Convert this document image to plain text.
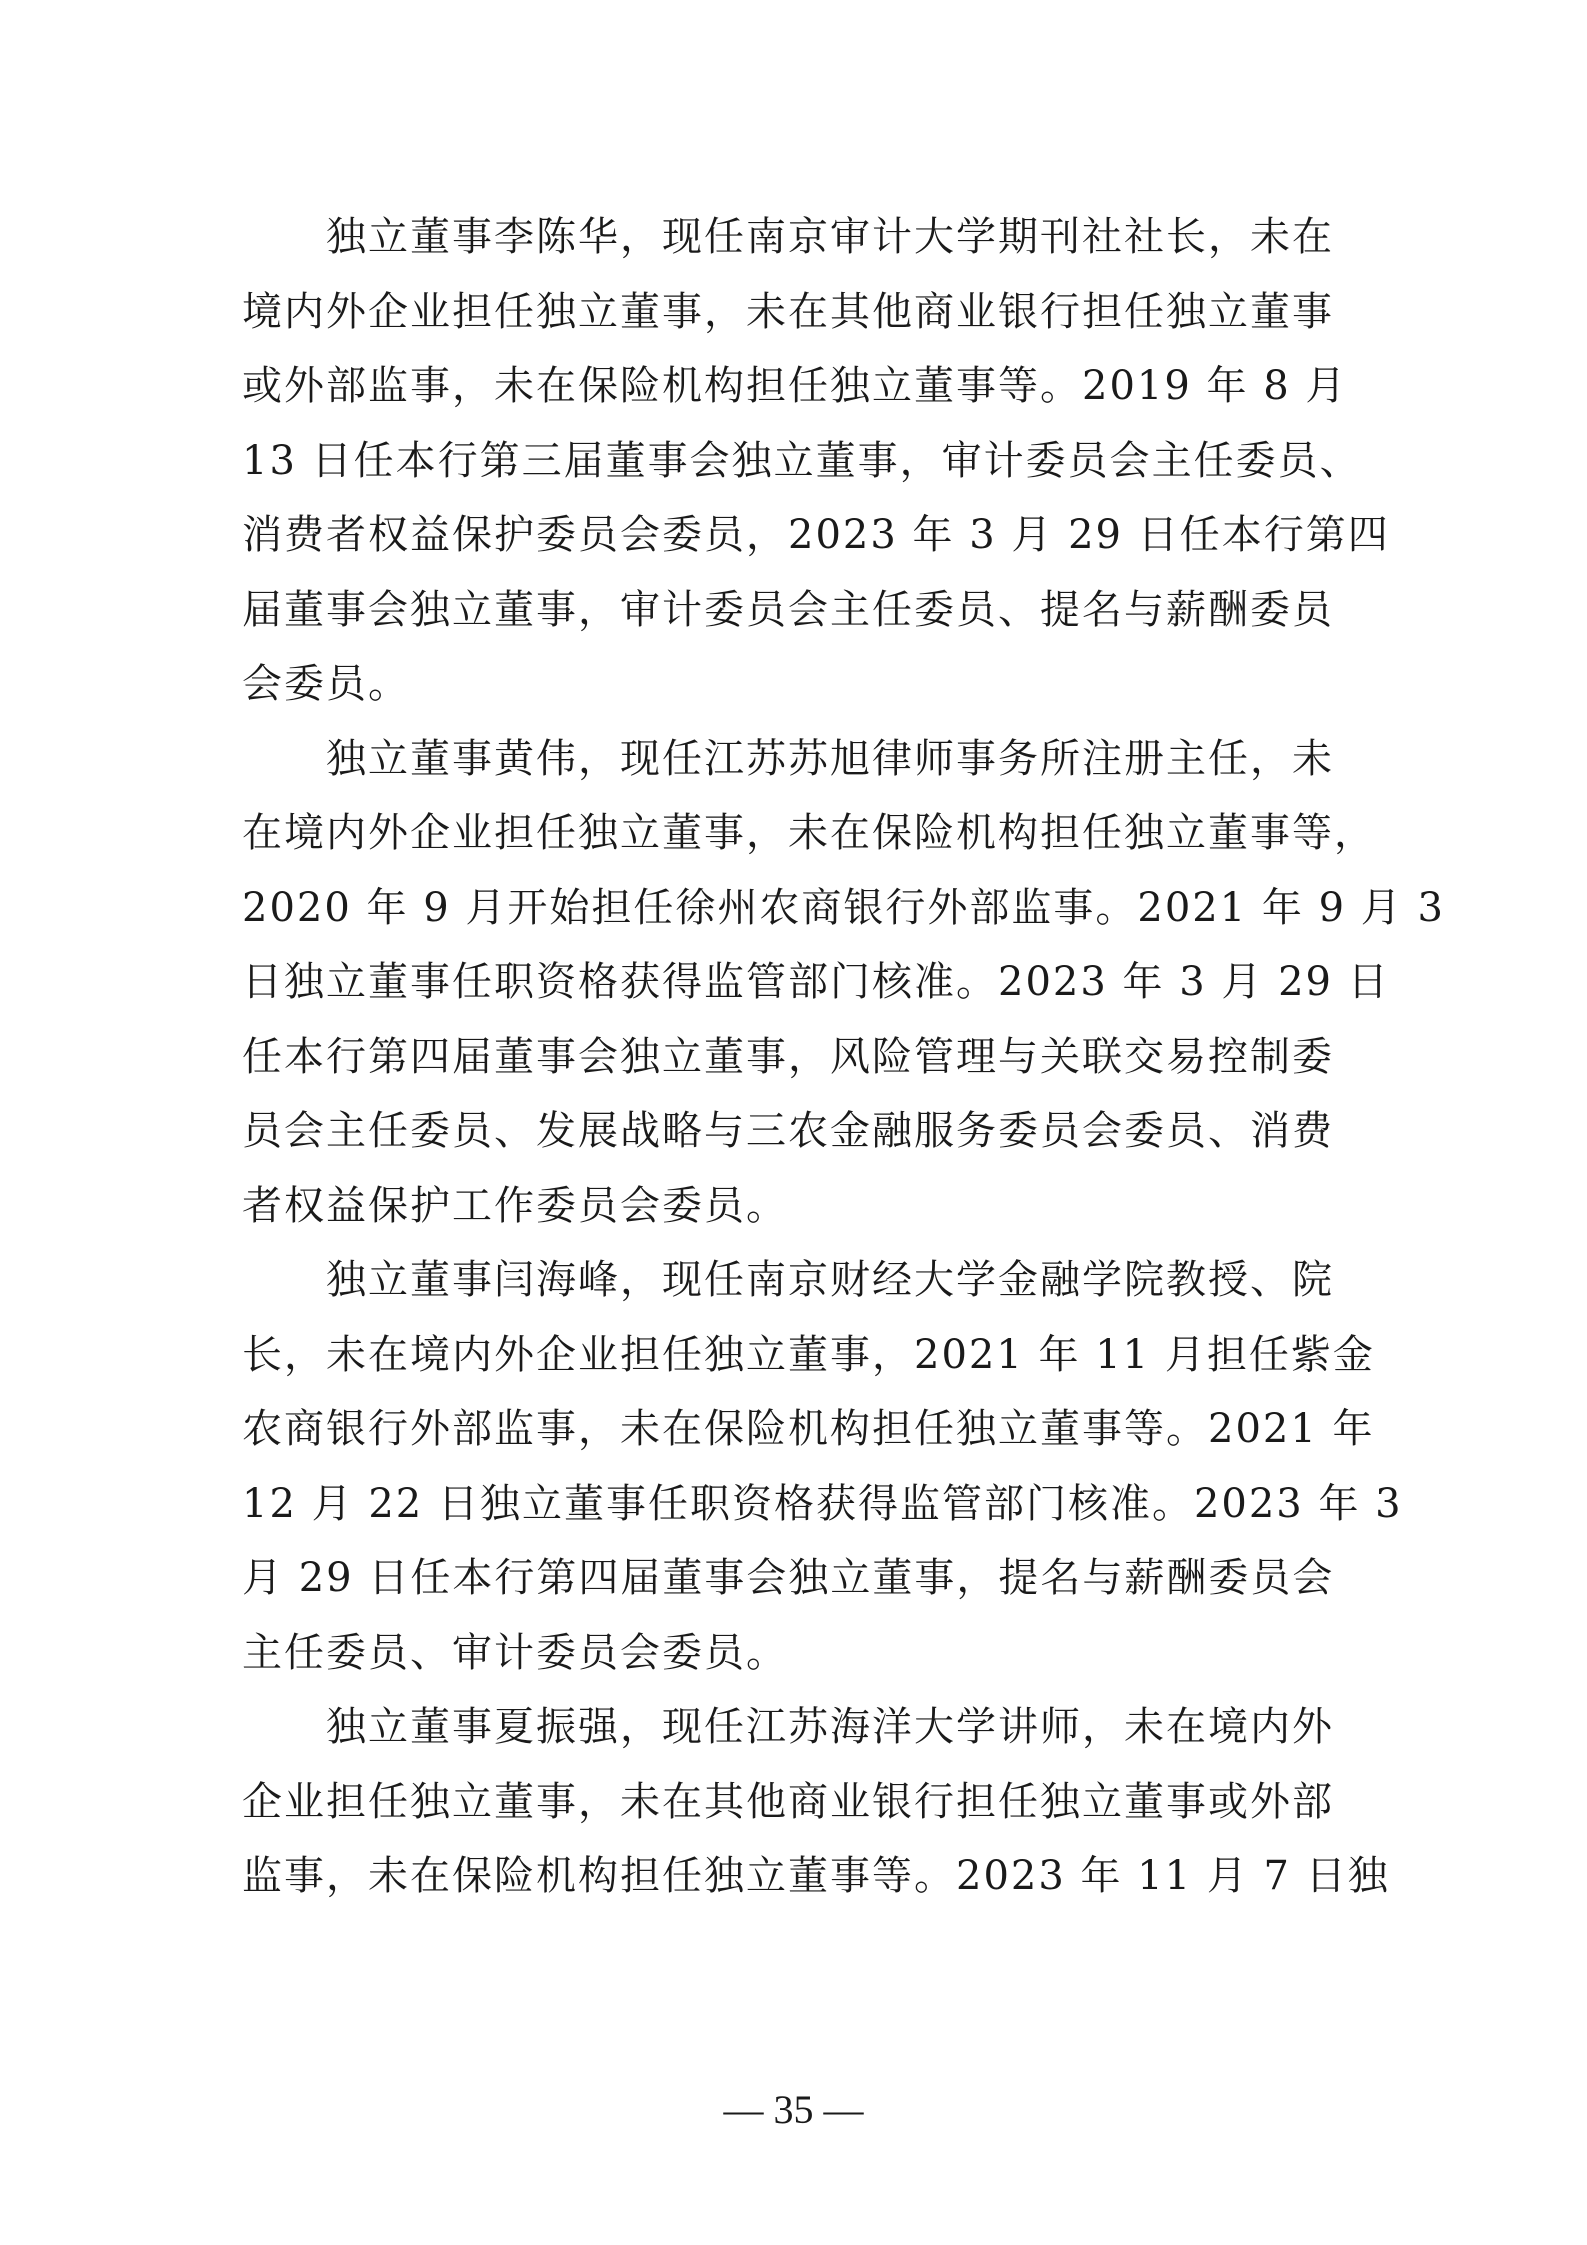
独立董事李陈华，现任南京审计大学期刊社社长，未在
境内外企业担任独立董事，未在其他商业银行担任独立董事
或外部监事，未在保险机构担任独立董事等。2019 年 8 月
13 日任本行第三届董事会独立董事，审计委员会主任委员、
消费者权益保护委员会委员，2023 年 3 月 29 日任本行第四
届董事会独立董事，审计委员会主任委员、提名与薪酬委员
会委员。

独立董事黄伟，现任江苏苏旭律师事务所注册主任，未
在境内外企业担任独立董事，未在保险机构担任独立董事等，
2020 年 9 月开始担任徐州农商银行外部监事。2021 年 9 月 3
日独立董事任职资格获得监管部门核准。2023 年 3 月 29 日
任本行第四届董事会独立董事，风险管理与关联交易控制委
员会主任委员、发展战略与三农金融服务委员会委员、消费
者权益保护工作委员会委员。

独立董事闫海峰，现任南京财经大学金融学院教授、院
长，未在境内外企业担任独立董事，2021 年 11 月担任紫金
农商银行外部监事，未在保险机构担任独立董事等。2021 年
12 月 22 日独立董事任职资格获得监管部门核准。2023 年 3
月 29 日任本行第四届董事会独立董事，提名与薪酬委员会
主任委员、审计委员会委员。

独立董事夏振强，现任江苏海洋大学讲师，未在境内外
企业担任独立董事，未在其他商业银行担任独立董事或外部
监事，未在保险机构担任独立董事等。2023 年 11 月 7 日独

— 35 —
